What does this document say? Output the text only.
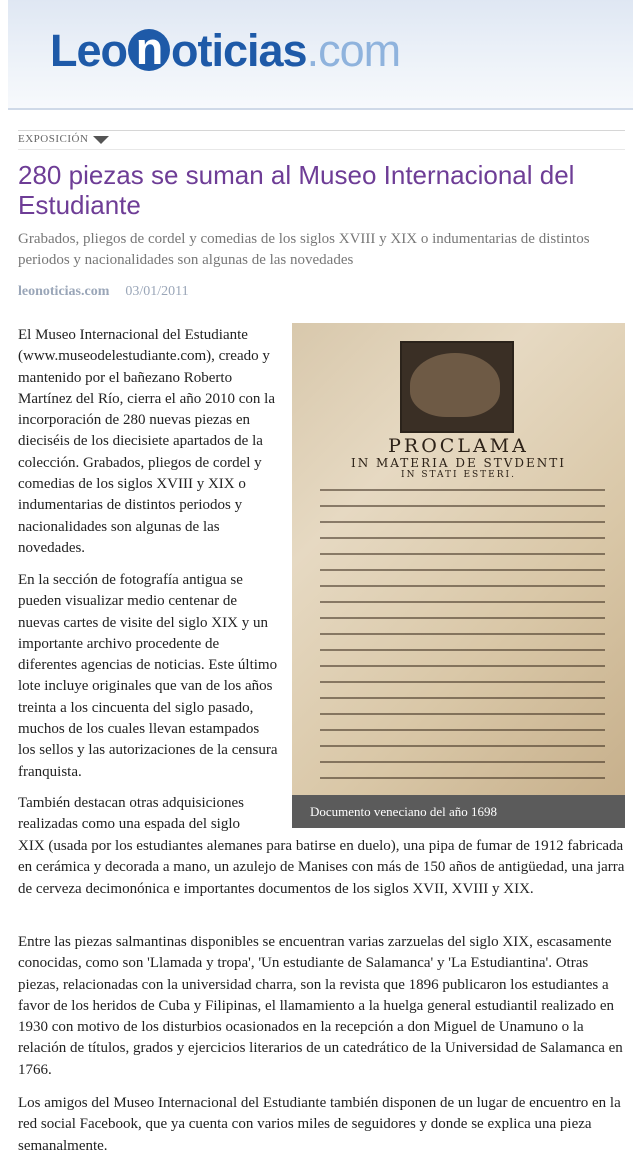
Leo n oticias.com
EXPOSICIÓN
280 piezas se suman al Museo Internacional del Estudiante

Grabados, pliegos de cordel y comedias de los siglos XVIII y XIX o indumentarias de distintos periodos y nacionalidades son algunas de las novedades

leonoticias.com 03/01/2011
PROCLAMA
IN MATERIA DE STVDENTI
IN STATI ESTERI.
Documento veneciano del año 1698

El Museo Internacional del Estudiante (www.museodelestudiante.com), creado y mantenido por el bañezano Roberto Martínez del Río, cierra el año 2010 con la incorporación de 280 nuevas piezas en dieciséis de los diecisiete apartados de la colección. Grabados, pliegos de cordel y comedias de los siglos XVIII y XIX o indumentarias de distintos periodos y nacionalidades son algunas de las novedades.

En la sección de fotografía antigua se pueden visualizar medio centenar de nuevas cartes de visite del siglo XIX y un importante archivo procedente de diferentes agencias de noticias. Este último lote incluye originales que van de los años treinta a los cincuenta del siglo pasado, muchos de los cuales llevan estampados los sellos y las autorizaciones de la censura franquista.

También destacan otras adquisiciones realizadas como una espada del siglo

XIX (usada por los estudiantes alemanes para batirse en duelo), una pipa de fumar de 1912 fabricada en cerámica y decorada a mano, un azulejo de Manises con más de 150 años de antigüedad, una jarra de cerveza decimonónica e importantes documentos de los siglos XVII, XVIII y XIX.

Entre las piezas salmantinas disponibles se encuentran varias zarzuelas del siglo XIX, escasamente conocidas, como son 'Llamada y tropa', 'Un estudiante de Salamanca' y 'La Estudiantina'. Otras piezas, relacionadas con la universidad charra, son la revista que 1896 publicaron los estudiantes a favor de los heridos de Cuba y Filipinas, el llamamiento a la huelga general estudiantil realizado en 1930 con motivo de los disturbios ocasionados en la recepción a don Miguel de Unamuno o la relación de títulos, grados y ejercicios literarios de un catedrático de la Universidad de Salamanca en 1766.

Los amigos del Museo Internacional del Estudiante también disponen de un lugar de encuentro en la red social Facebook, que ya cuenta con varios miles de seguidores y donde se explica una pieza semanalmente.
